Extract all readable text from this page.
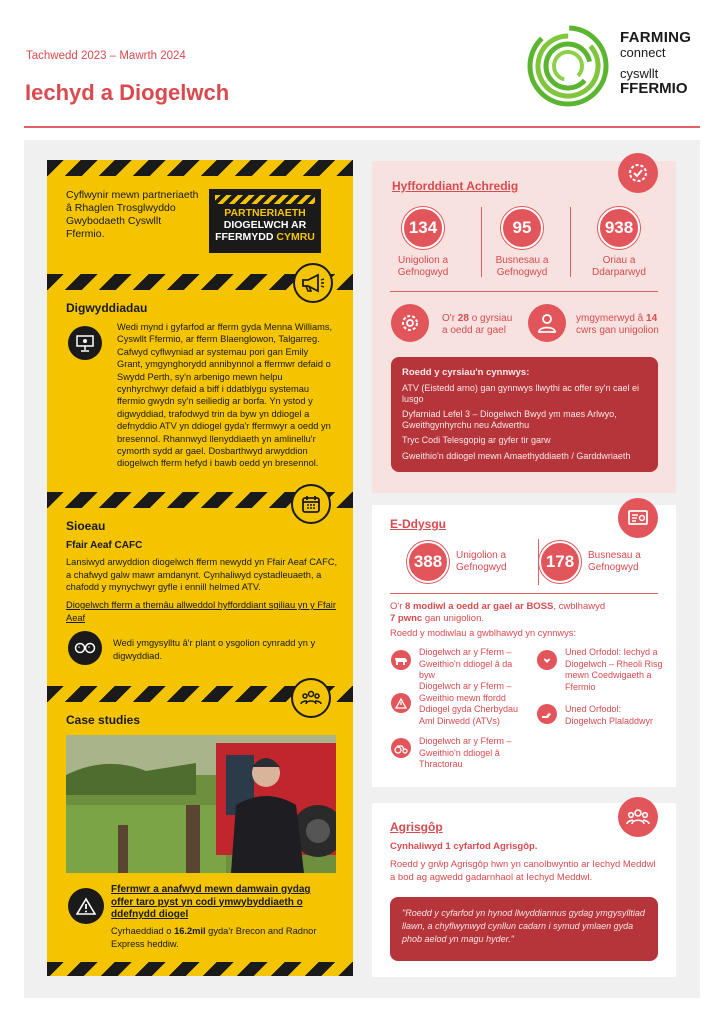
Tachwedd 2023 – Mawrth 2024
Iechyd a Diogelwch
FARMING
connect
cyswllt
FFERMIO
Cyflwynir mewn partneriaeth â Rhaglen Trosglwyddo Gwybodaeth Cyswllt Ffermio.
PARTNERIAETH
DIOGELWCH AR
FFERMYDD CYMRU
Digwyddiadau
Wedi mynd i gyfarfod ar fferm gyda Menna Williams, Cyswllt Ffermio, ar fferm Blaenglowon, Talgarreg. Cafwyd cyflwyniad ar systemau pori gan Emily Grant, ymgynghorydd annibynnol a ffermwr defaid o Swydd Perth, sy'n arbenigo mewn helpu cynhyrchwyr defaid a biff i ddatblygu systemau ffermio gwydn sy'n seiliedig ar borfa. Yn ystod y digwyddiad, trafodwyd trin da byw yn ddiogel a defnyddio ATV yn ddiogel gyda'r ffermwyr a oedd yn bresennol. Rhannwyd llenyddiaeth yn amlinellu'r cymorth sydd ar gael. Dosbarthwyd arwyddion diogelwch fferm hefyd i bawb oedd yn bresennol.
Sioeau
Ffair Aeaf CAFC
Lansiwyd arwyddion diogelwch fferm newydd yn Ffair Aeaf CAFC, a chafwyd galw mawr amdanynt. Cynhaliwyd cystadleuaeth, a chafodd y mynychwyr gyfle i ennill helmed ATV.
Diogelwch fferm a themâu allweddol hyfforddiant sgiliau yn y Ffair Aeaf
Wedi ymgysylltu â'r plant o ysgolion cynradd yn y digwyddiad.
Case studies
Ffermwr a anafwyd mewn damwain gydag offer taro pyst yn codi ymwybyddiaeth o ddefnydd diogel
Cyrhaeddiad o 16.2mil gyda'r Brecon and Radnor Express heddiw.
Hyfforddiant Achredig
134
Unigolion a
Gefnogwyd
95
Busnesau a
Gefnogwyd
938
Oriau a
Ddarparwyd
O'r 28 o gyrsiau
a oedd ar gael
ymgymerwyd â 14
cwrs gan unigolion
Roedd y cyrsiau'n cynnwys:
ATV (Eistedd arno) gan gynnwys llwythi ac offer sy'n cael ei lusgo
Dyfarniad Lefel 3 – Diogelwch Bwyd ym maes Arlwyo, Gweithgynhyrchu neu Adwerthu
Tryc Codi Telesgopig ar gyfer tir garw
Gweithio'n ddiogel mewn Amaethyddiaeth / Garddwriaeth
E-Ddysgu
388	Unigolion a
Gefnogwyd	178	Busnesau a
Gefnogwyd
O'r 8 modiwl a oedd ar gael ar BOSS, cwblhawyd
7 pwnc gan unigolion.
Roedd y modiwlau a gwblhawyd yn cynnwys:
Diogelwch ar y Fferm – Gweithio'n ddiogel â da byw
Diogelwch ar y Fferm – Gweithio mewn ffordd Ddiogel gyda Cherbydau Aml Dirwedd (ATVs)
Diogelwch ar y Fferm – Gweithio'n ddiogel â Thractorau
Uned Orfodol: Iechyd a Diogelwch – Rheoli Risg mewn Coedwigaeth a Ffermio
Uned Orfodol: Diogelwch Plaladdwyr
Agrisgôp
Cynhaliwyd 1 cyfarfod Agrisgôp.
Roedd y grŵp Agrisgôp hwn yn canolbwyntio ar Iechyd Meddwl a bod ag agwedd gadarnhaol at Iechyd Meddwl.
"Roedd y cyfarfod yn hynod llwyddiannus gydag ymgysylltiad llawn, a chyflwynwyd cynllun cadarn i symud ymlaen gyda phob aelod yn magu hyder."
